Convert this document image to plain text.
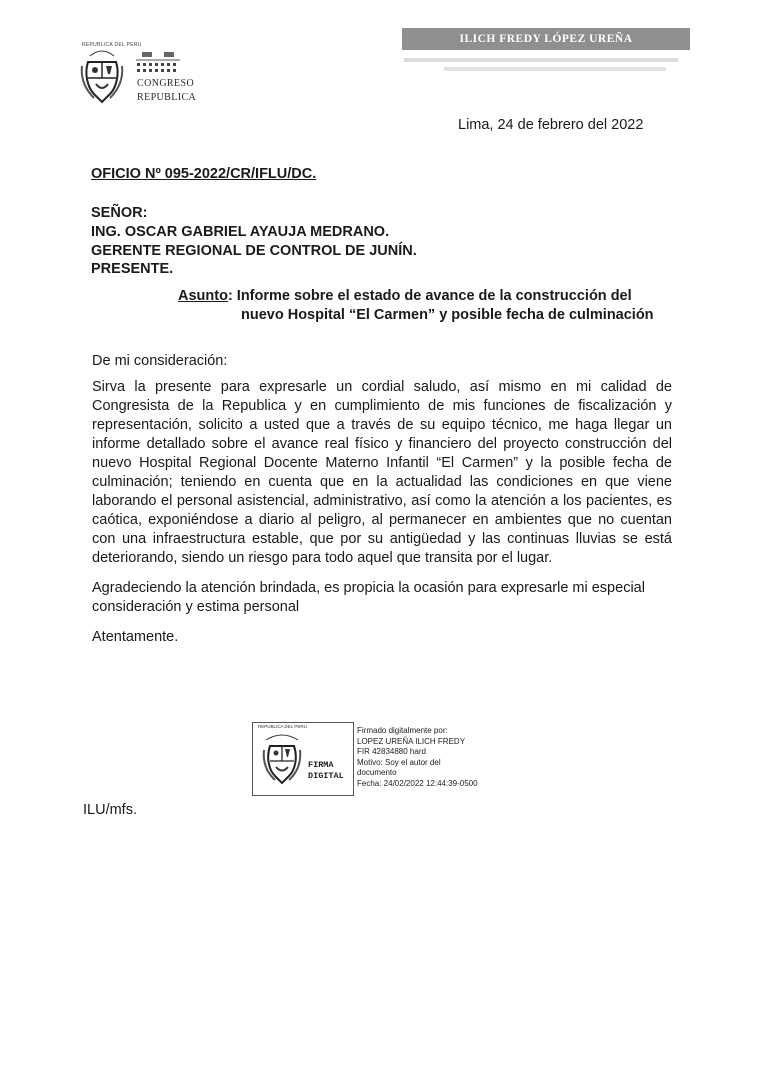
REPUBLICA DEL PERU
CONGRESO
REPUBLICA
ILICH FREDY LÓPEZ UREÑA
Lima, 24 de febrero del 2022
OFICIO Nº 095-2022/CR/IFLU/DC.
SEÑOR:
ING. OSCAR GABRIEL AYAUJA MEDRANO.
GERENTE REGIONAL DE CONTROL DE JUNÍN.
PRESENTE.
Asunto: Informe sobre el estado de avance de la construcción del
nuevo Hospital “El Carmen” y posible fecha de culminación
De mi consideración:
Sirva la presente para expresarle un cordial saludo, así mismo en mi calidad de Congresista de la Republica y en cumplimiento de mis funciones de fiscalización y representación, solicito a usted que a través de su equipo técnico, me haga llegar un informe detallado sobre el avance real físico y financiero del proyecto construcción del nuevo Hospital Regional Docente Materno Infantil “El Carmen” y la posible fecha de culminación; teniendo en cuenta que en la actualidad las condiciones en que viene laborando el personal asistencial, administrativo, así como la atención a los pacientes, es caótica, exponiéndose a diario al peligro, al permanecer en ambientes que no cuentan con una infraestructura estable, que por su antigüedad y las continuas lluvias se está deteriorando, siendo un riesgo para todo aquel que transita por el lugar.
Agradeciendo la atención brindada, es propicia la ocasión para expresarle mi especial consideración y estima personal
Atentamente.
REPUBLICA DEL PERU
FIRMA
DIGITAL
Firmado digitalmente por:
LOPEZ UREÑA ILICH FREDY
FIR 42834880 hard
Motivo: Soy el autor del
documento
Fecha: 24/02/2022 12:44:39-0500
ILU/mfs.
